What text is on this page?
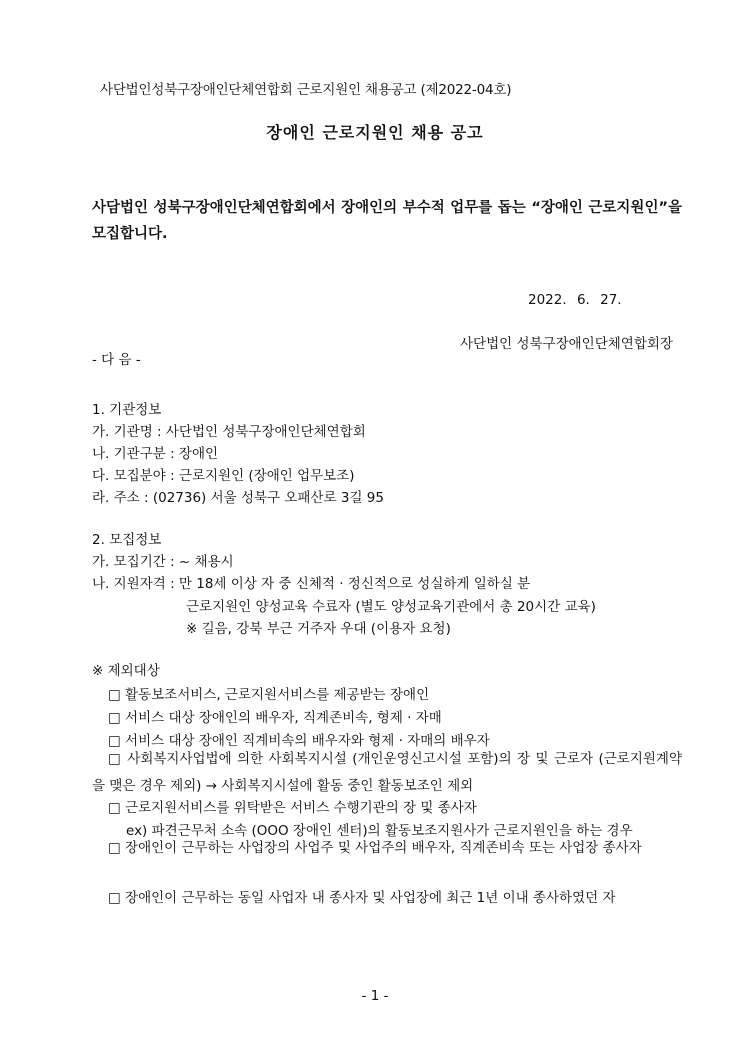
사단법인성북구장애인단체연합회 근로지원인 채용공고 (제2022-04호)
장애인 근로지원인 채용 공고
사담법인 성북구장애인단체연합회에서 장애인의 부수적 업무를 돕는 “장애인 근로지원인”을 모집합니다.
2022. 6. 27.
사단법인 성북구장애인단체연합회장
- 다 음 -
1. 기관정보
가. 기관명 : 사단법인 성북구장애인단체연합회
나. 기관구분 : 장애인
다. 모집분야 : 근로지원인 (장애인 업무보조)
라. 주소 : (02736) 서울 성북구 오패산로 3길 95
2. 모집정보
가. 모집기간 : ~ 채용시
나. 지원자격 : 만 18세 이상 자 중 신체적 · 정신적으로 성실하게 일하실 분
근로지원인 양성교육 수료자 (별도 양성교육기관에서 총 20시간 교육)
※ 길음, 강북 부근 거주자 우대 (이용자 요청)
※ 제외대상
□ 활동보조서비스, 근로지원서비스를 제공받는 장애인
□ 서비스 대상 장애인의 배우자, 직계존비속, 형제 · 자매
□ 서비스 대상 장애인 직계비속의 배우자와 형제 · 자매의 배우자
□ 사회복지사업법에 의한 사회복지시설 (개인운영신고시설 포함)의 장 및 근로자 (근로지원계약을 맺은 경우 제외) → 사회복지시설에 활동 중인 활동보조인 제외
□ 근로지원서비스를 위탁받은 서비스 수행기관의 장 및 종사자
ex) 파견근무처 소속 (OOO 장애인 센터)의 활동보조지원사가 근로지원인을 하는 경우
□ 장애인이 근무하는 사업장의 사업주 및 사업주의 배우자, 직계존비속 또는 사업장 종사자
□ 장애인이 근무하는 동일 사업자 내 종사자 및 사업장에 최근 1년 이내 종사하였던 자
- 1 -
